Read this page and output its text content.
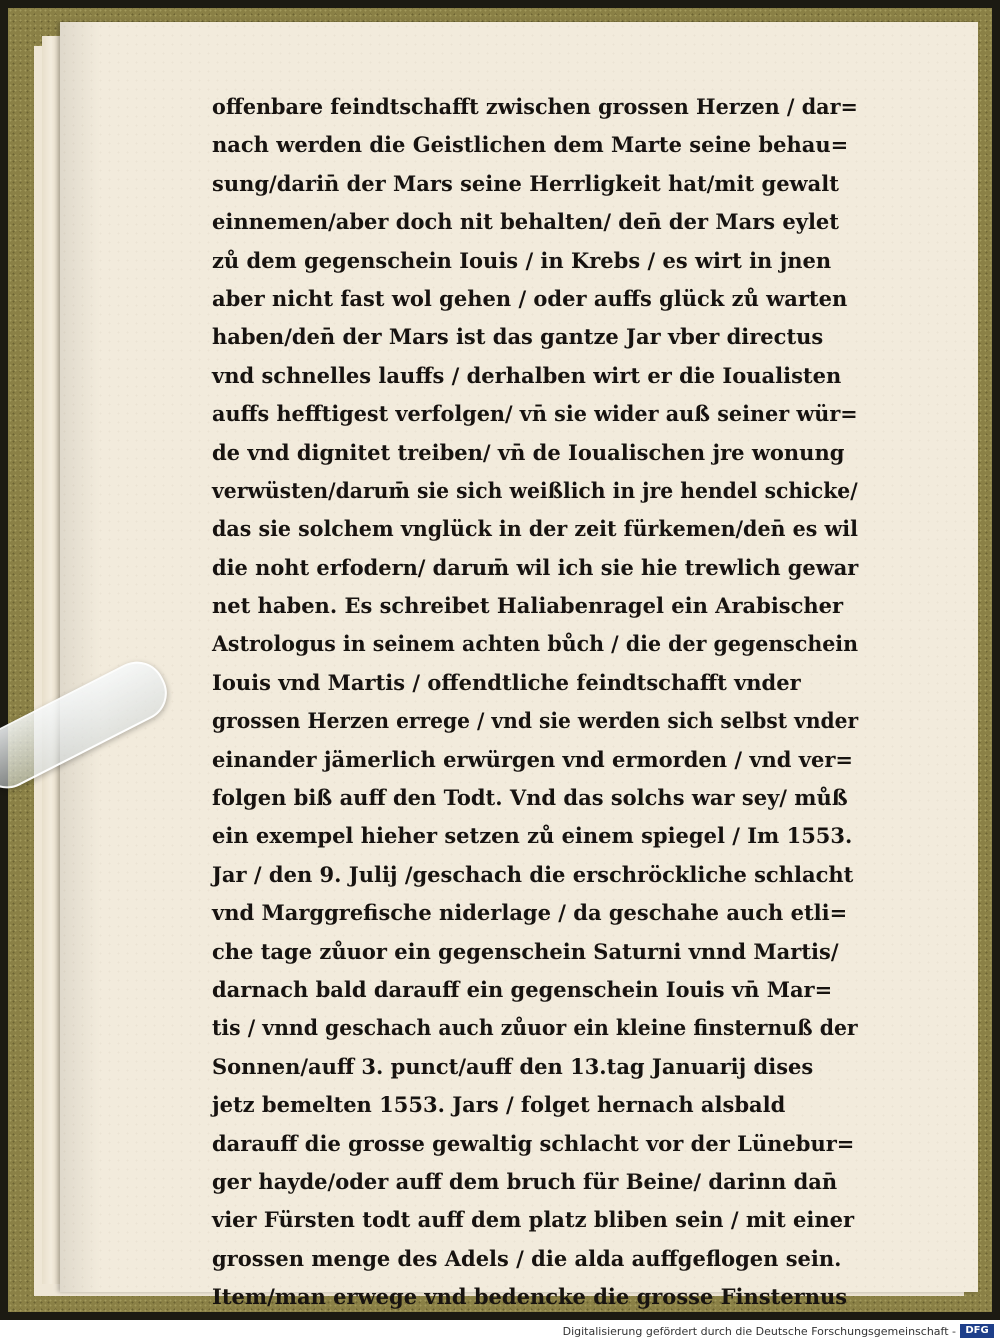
offenbare feindtschafft zwischen grossen Herzen / dar=
nach werden die Geistlichen dem Marte seine behau=
sung/darin̄ der Mars seine Herrligkeit hat/mit gewalt
einnemen/aber doch nit behalten/ den̄ der Mars eylet
zů dem gegenschein Iouis / in Krebs / es wirt in jnen
aber nicht fast wol gehen / oder auffs glück zů warten
haben/den̄ der Mars ist das gantze Jar vber directus
vnd schnelles lauffs / derhalben wirt er die Ioualisten
auffs hefftigest verfolgen/ vn̄ sie wider auß seiner wür=
de vnd dignitet treiben/ vn̄ de Ioualischen jre wonung
verwüsten/darum̄ sie sich weißlich in jre hendel schicke/
das sie solchem vnglück in der zeit fürkemen/den̄ es wil
die noht erfodern/ darum̄ wil ich sie hie trewlich gewar
net haben. Es schreibet Haliabenragel ein Arabischer
Astrologus in seinem achten bůch / die der gegenschein
Iouis vnd Martis / offendtliche feindtschafft vnder
grossen Herzen errege / vnd sie werden sich selbst vnder
einander jämerlich erwürgen vnd ermorden / vnd ver=
folgen biß auff den Todt. Vnd das solchs war sey/ můß
ein exempel hieher setzen zů einem spiegel / Im 1553.
Jar / den 9. Julij /geschach die erschröckliche schlacht
vnd Marggrefische niderlage / da geschahe auch etli=
che tage zůuor ein gegenschein Saturni vnnd Martis/
darnach bald darauff ein gegenschein Iouis vn̄ Mar=
tis / vnnd geschach auch zůuor ein kleine finsternuß der
Sonnen/auff 3. punct/auff den 13.tag Januarij dises
jetz bemelten 1553. Jars / folget hernach alsbald
darauff die grosse gewaltig schlacht vor der Lünebur=
ger hayde/oder auff dem bruch für Beine/ darinn dan̄
vier Fürsten todt auff dem platz bliben sein / mit einer
grossen menge des Adels / die alda auffgeflogen sein.
Item/man erwege vnd bedencke die grosse Finsternus
Digitalisierung gefördert durch die Deutsche Forschungsgemeinschaft - DFG
